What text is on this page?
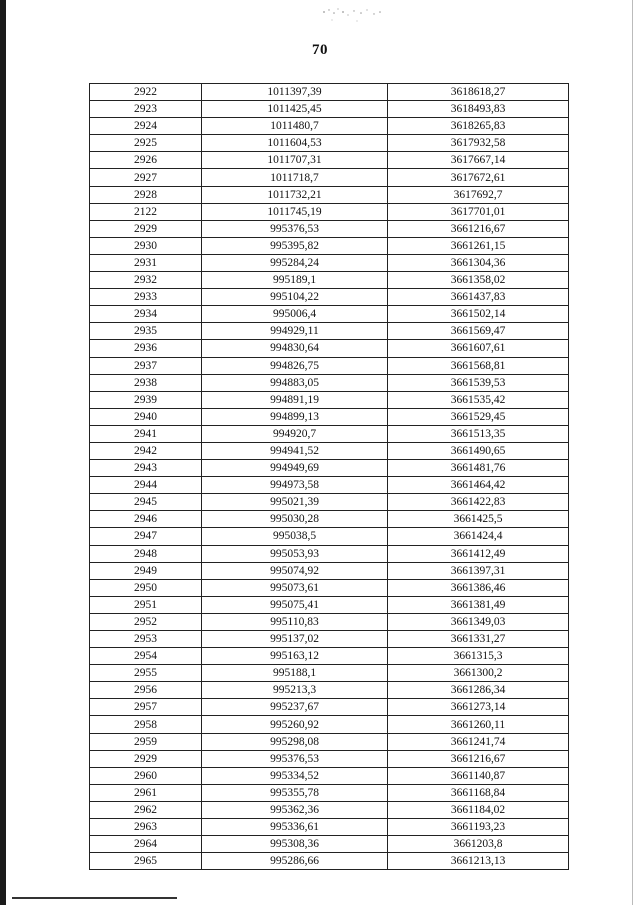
70
2922	1011397,39	3618618,27
2923	1011425,45	3618493,83
2924	1011480,7	3618265,83
2925	1011604,53	3617932,58
2926	1011707,31	3617667,14
2927	1011718,7	3617672,61
2928	1011732,21	3617692,7
2122	1011745,19	3617701,01
2929	995376,53	3661216,67
2930	995395,82	3661261,15
2931	995284,24	3661304,36
2932	995189,1	3661358,02
2933	995104,22	3661437,83
2934	995006,4	3661502,14
2935	994929,11	3661569,47
2936	994830,64	3661607,61
2937	994826,75	3661568,81
2938	994883,05	3661539,53
2939	994891,19	3661535,42
2940	994899,13	3661529,45
2941	994920,7	3661513,35
2942	994941,52	3661490,65
2943	994949,69	3661481,76
2944	994973,58	3661464,42
2945	995021,39	3661422,83
2946	995030,28	3661425,5
2947	995038,5	3661424,4
2948	995053,93	3661412,49
2949	995074,92	3661397,31
2950	995073,61	3661386,46
2951	995075,41	3661381,49
2952	995110,83	3661349,03
2953	995137,02	3661331,27
2954	995163,12	3661315,3
2955	995188,1	3661300,2
2956	995213,3	3661286,34
2957	995237,67	3661273,14
2958	995260,92	3661260,11
2959	995298,08	3661241,74
2929	995376,53	3661216,67
2960	995334,52	3661140,87
2961	995355,78	3661168,84
2962	995362,36	3661184,02
2963	995336,61	3661193,23
2964	995308,36	3661203,8
2965	995286,66	3661213,13
